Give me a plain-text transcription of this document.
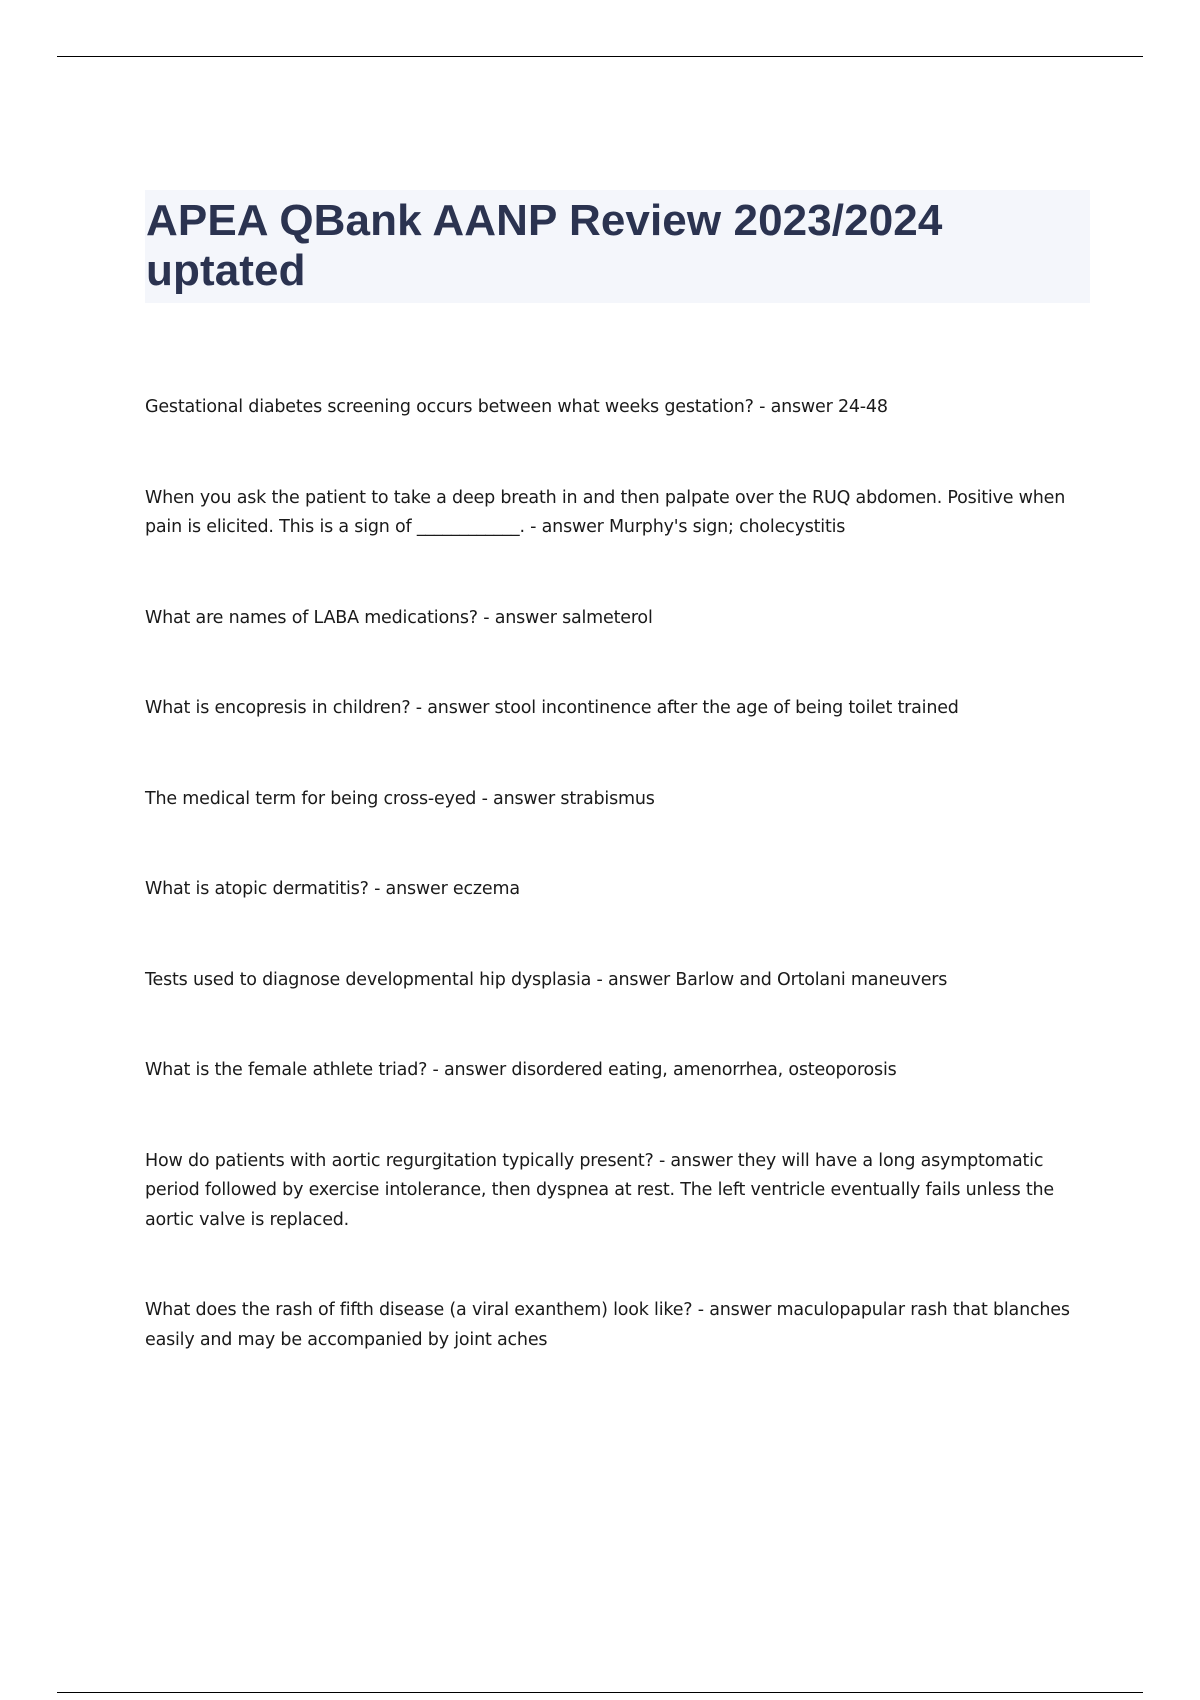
APEA QBank AANP Review 2023/2024 uptated

Gestational diabetes screening occurs between what weeks gestation? - answer 24-48

When you ask the patient to take a deep breath in and then palpate over the RUQ abdomen. Positive when pain is elicited. This is a sign of ____________. - answer Murphy's sign; cholecystitis

What are names of LABA medications? - answer salmeterol

What is encopresis in children? - answer stool incontinence after the age of being toilet trained

The medical term for being cross-eyed - answer strabismus

What is atopic dermatitis? - answer eczema

Tests used to diagnose developmental hip dysplasia - answer Barlow and Ortolani maneuvers

What is the female athlete triad? - answer disordered eating, amenorrhea, osteoporosis

How do patients with aortic regurgitation typically present? - answer they will have a long asymptomatic period followed by exercise intolerance, then dyspnea at rest. The left ventricle eventually fails unless the aortic valve is replaced.

What does the rash of fifth disease (a viral exanthem) look like? - answer maculopapular rash that blanches easily and may be accompanied by joint aches
